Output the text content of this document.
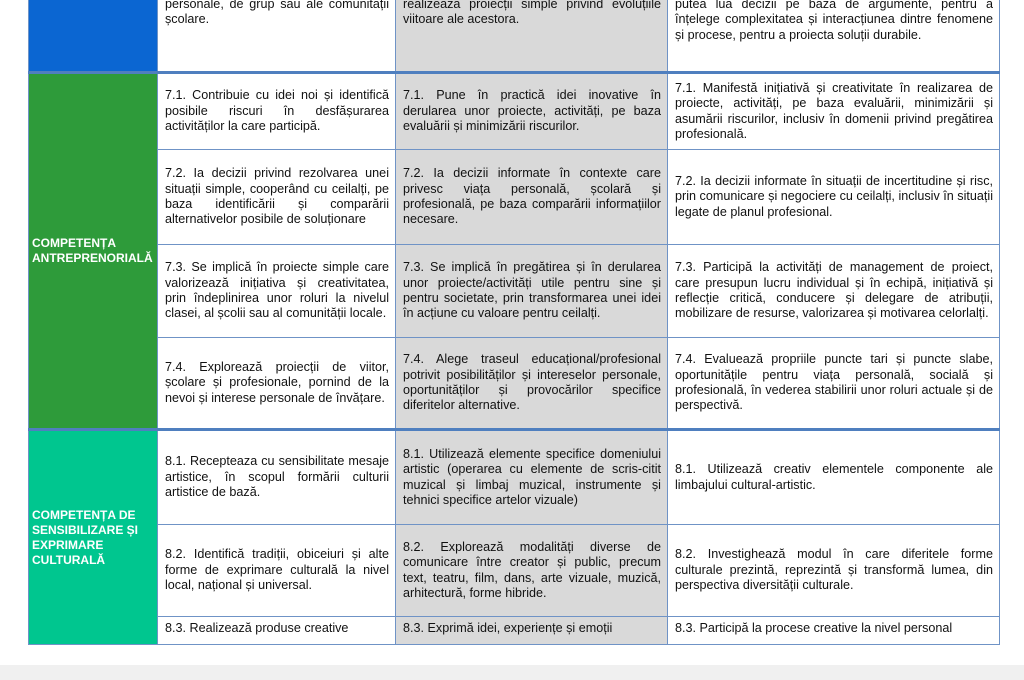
	personale, de grup sau ale comunității școlare.	realizează proiecții simple privind evoluțiile viitoare ale acestora.	putea lua decizii pe bază de argumente, pentru a înțelege complexitatea și interacțiunea dintre fenomene și procese, pentru a proiecta soluții durabile.
COMPETENȚA ANTREPRENORIALĂ	7.1. Contribuie cu idei noi și identifică posibile riscuri în desfășurarea activităților la care participă.	7.1. Pune în practică idei inovative în derularea unor proiecte, activități, pe baza evaluării și minimizării riscurilor.	7.1. Manifestă inițiativă și creativitate în realizarea de proiecte, activități, pe baza evaluării, minimizării și asumării riscurilor, inclusiv în domenii privind pregătirea profesională.
	7.2. Ia decizii privind rezolvarea unei situații simple, cooperând cu ceilalți, pe baza identificării și comparării alternativelor posibile de soluționare	7.2. Ia decizii informate în contexte care privesc viața personală, școlară și profesională, pe baza comparării informațiilor necesare.	7.2. Ia decizii informate în situații de incertitudine și risc, prin comunicare și negociere cu ceilalți, inclusiv în situații legate de planul profesional.
	7.3. Se implică în proiecte simple care valorizează inițiativa și creativitatea, prin îndeplinirea unor roluri la nivelul clasei, al școlii sau al comunității locale.	7.3. Se implică în pregătirea și în derularea unor proiecte/activități utile pentru sine și pentru societate, prin transformarea unei idei în acțiune cu valoare pentru ceilalți.	7.3. Participă la activități de management de proiect, care presupun lucru individual și în echipă, inițiativă și reflecție critică, conducere și delegare de atribuții, mobilizare de resurse, valorizarea și motivarea celorlalți.
	7.4. Explorează proiecții de viitor, școlare și profesionale, pornind de la nevoi și interese personale de învățare.	7.4. Alege traseul educațional/profesional potrivit posibilităților și intereselor personale, oportunităților și provocărilor specifice diferitelor alternative.	7.4. Evaluează propriile puncte tari și puncte slabe, oportunitățile pentru viața personală, socială și profesională, în vederea stabilirii unor roluri actuale și de perspectivă.
COMPETENȚA DE SENSIBILIZARE ȘI EXPRIMARE CULTURALĂ	8.1. Recepteaza cu sensibilitate mesaje artistice, în scopul formării culturii artistice de bază.	8.1. Utilizează elemente specifice domeniului artistic (operarea cu elemente de scris-citit muzical și limbaj muzical, instrumente și tehnici specifice artelor vizuale)	8.1. Utilizează creativ elementele componente ale limbajului cultural-artistic.
	8.2. Identifică tradiții, obiceiuri și alte forme de exprimare culturală la nivel local, național și universal.	8.2. Explorează modalități diverse de comunicare între creator și public, precum text, teatru, film, dans, arte vizuale, muzică, arhitectură, forme hibride.	8.2. Investighează modul în care diferitele forme culturale prezintă, reprezintă și transformă lumea, din perspectiva diversității culturale.
	8.3. Realizează produse creative	8.3. Exprimă idei, experiențe și emoții	8.3. Participă la procese creative la nivel personal
